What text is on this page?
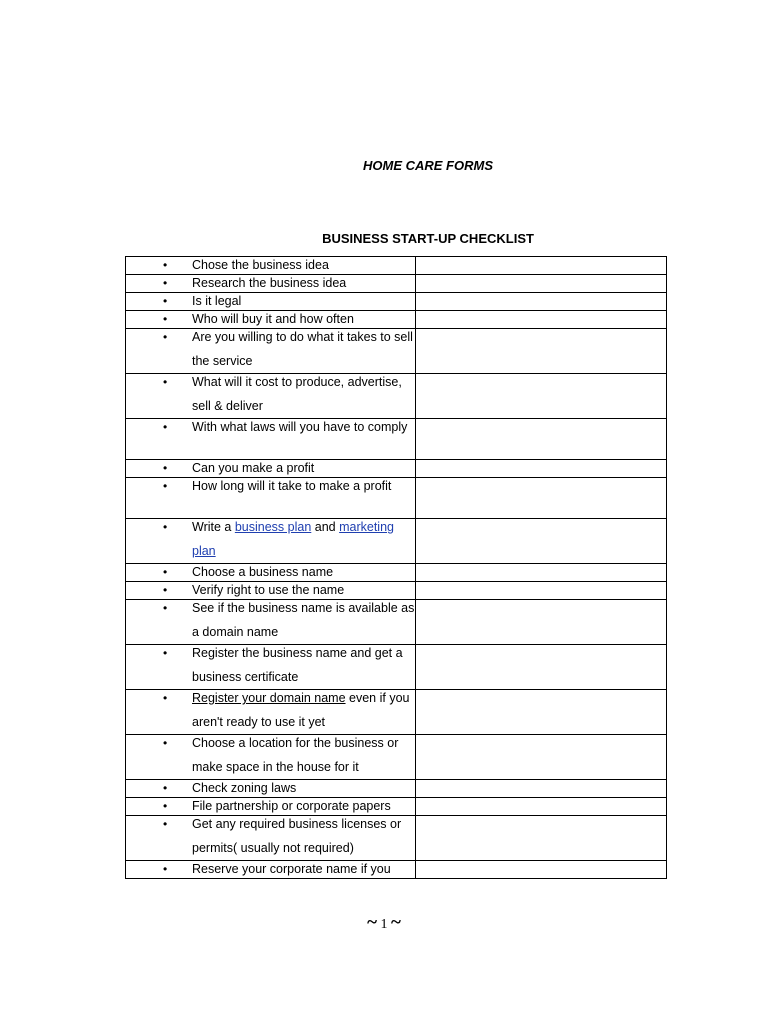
HOME CARE FORMS
BUSINESS START-UP CHECKLIST
• Chose the business idea	

• Research the business idea	

• Is it legal	

• Who will buy it and how often	

• Are you willing to do what it takes to sell the service	

• What will it cost to produce, advertise, sell & deliver	

• With what laws will you have to comply	

• Can you make a profit	

• How long will it take to make a profit	

• Write a business plan and marketing plan	

• Choose a business name	

• Verify right to use the name	

• See if the business name is available as a domain name	

• Register the business name and get a business certificate	

• Register your domain name even if you aren't ready to use it yet	

• Choose a location for the business or make space in the house for it	

• Check zoning laws	

• File partnership or corporate papers	

• Get any required business licenses or permits( usually not required)	

• Reserve your corporate name if you	

~ 1 ~
